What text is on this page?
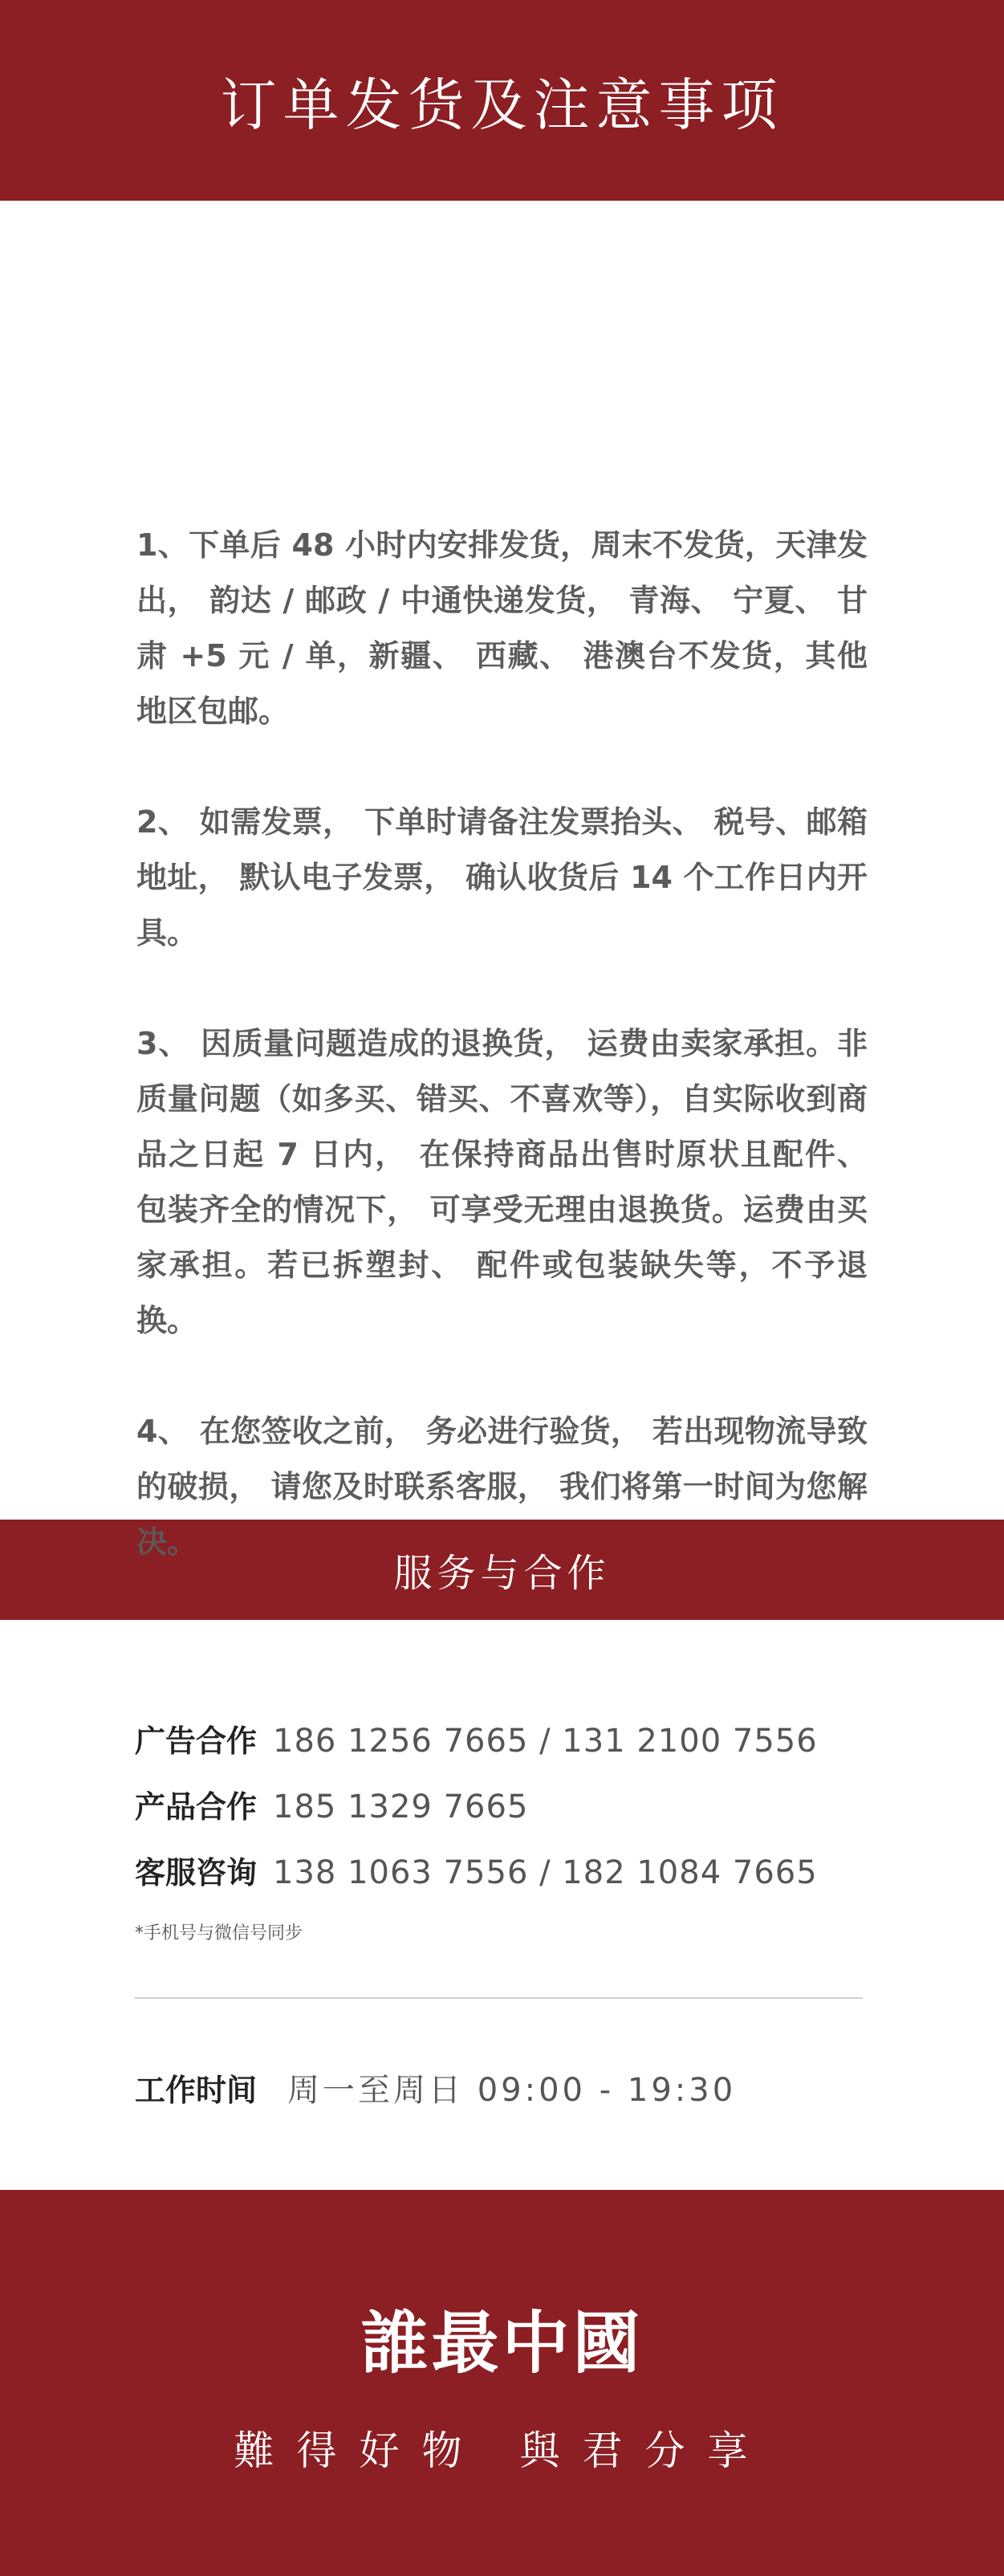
订单发货及注意事项

1、下单后 48 小时内安排发货，周末不发货，天津发出， 韵达 / 邮政 / 中通快递发货， 青海、 宁夏、 甘肃 +5 元 / 单，新疆、 西藏、 港澳台不发货，其他地区包邮。

2、 如需发票， 下单时请备注发票抬头、 税号、邮箱地址， 默认电子发票， 确认收货后 14 个工作日内开具。

3、 因质量问题造成的退换货， 运费由卖家承担。非质量问题（如多买、错买、不喜欢等），自实际收到商品之日起 7 日内， 在保持商品出售时原状且配件、 包装齐全的情况下， 可享受无理由退换货。运费由买家承担。若已拆塑封、 配件或包装缺失等，不予退换。

4、 在您签收之前， 务必进行验货， 若出现物流导致的破损， 请您及时联系客服， 我们将第一时间为您解决。

服务与合作
广告合作 186 1256 7665 / 131 2100 7556
产品合作 185 1329 7665
客服咨询 138 1063 7556 / 182 1084 7665
*手机号与微信号同步
工作时间 周一至周日 09:00 - 19:30
誰最中國
難得好物 與君分享
